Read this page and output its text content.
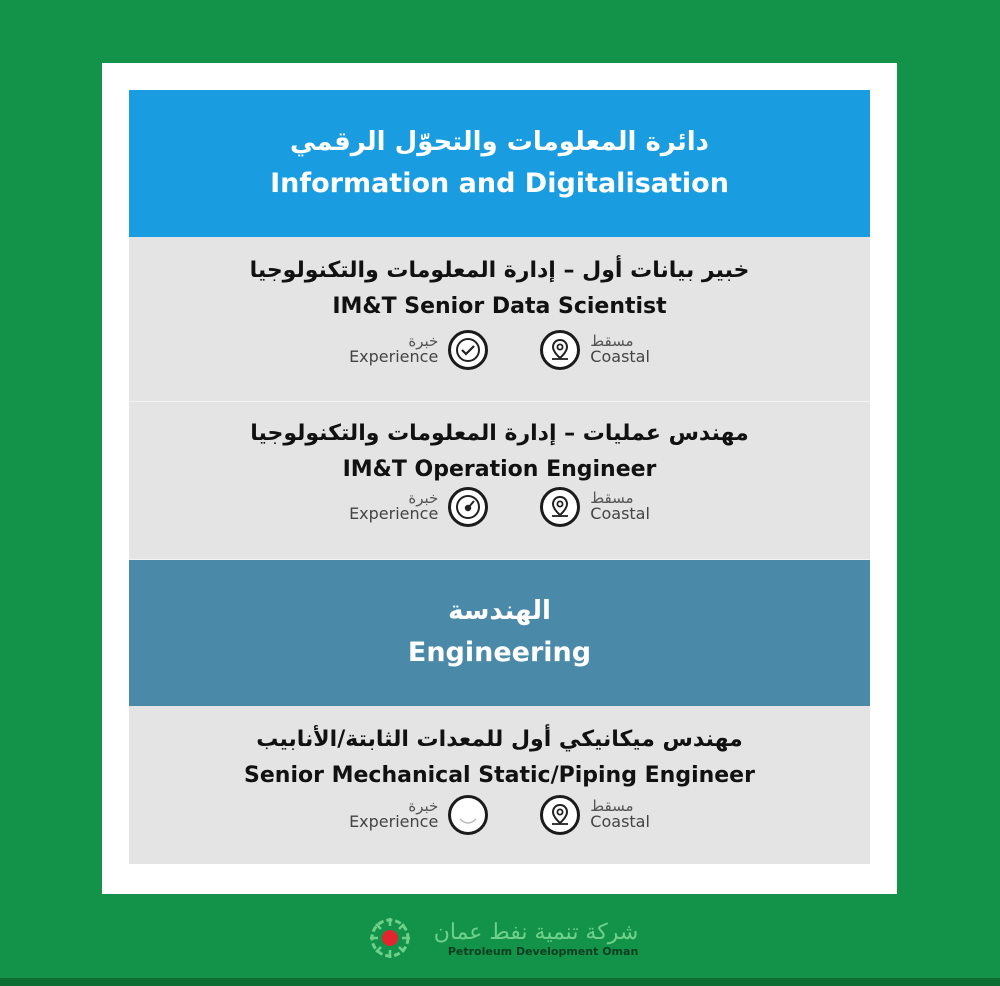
دائرة المعلومات والتحوّل الرقمي
Information and Digitalisation
خبير بيانات أول – إدارة المعلومات والتكنولوجيا
IM&T Senior Data Scientist
خبرة
Experience
مسقط
Coastal
مهندس عمليات – إدارة المعلومات والتكنولوجيا
IM&T Operation Engineer
خبرة
Experience
مسقط
Coastal
الهندسة
Engineering
مهندس ميكانيكي أول للمعدات الثابتة/الأنابيب
Senior Mechanical Static/Piping Engineer
خبرة
Experience
مسقط
Coastal
شركة تنمية نفط عمان
Petroleum Development Oman
